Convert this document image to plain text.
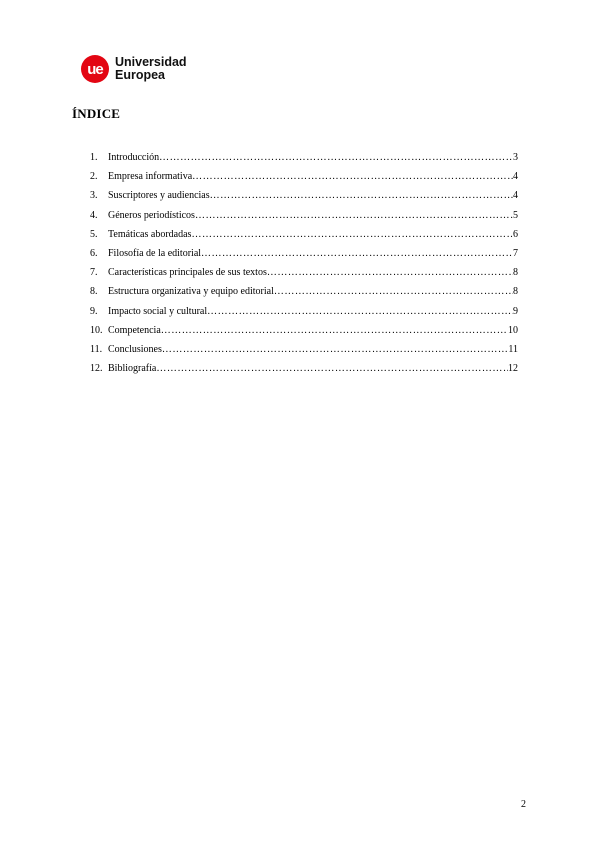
ue Universidad
Europea
ÍNDICE
1.	Introducción ………………………………………………………………………………………………………………………………	3
2.	Empresa informativa ………………………………………………………………………………………………………………………………	4
3.	Suscriptores y audiencias ………………………………………………………………………………………………………………………………	4
4.	Géneros periodísticos ………………………………………………………………………………………………………………………………	5
5.	Temáticas abordadas ………………………………………………………………………………………………………………………………	6
6.	Filosofía de la editorial ………………………………………………………………………………………………………………………………	7
7.	Características principales de sus textos ………………………………………………………………………………………………………………………………	8
8.	Estructura organizativa y equipo editorial ………………………………………………………………………………………………………………………………	8
9.	Impacto social y cultural ………………………………………………………………………………………………………………………………	9
10. Competencia ………………………………………………………………………………………………………………………………	10
11. Conclusiones ………………………………………………………………………………………………………………………………	11
12. Bibliografía ………………………………………………………………………………………………………………………………	12
2
